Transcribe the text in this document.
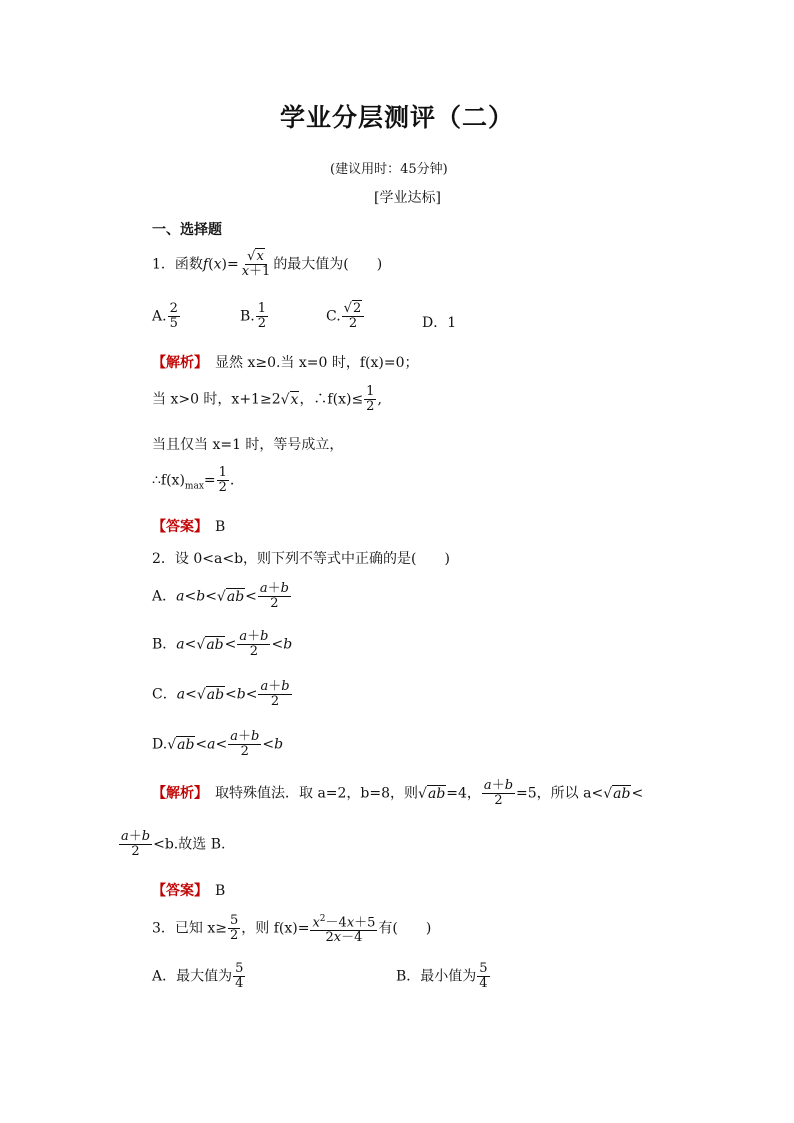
学业分层测评（二）
(建议用时：45分钟)
[学业达标]
一、选择题
1．函数$f(x)= \frac{√x}{x+1}$ 的最大值为(　　)
A. $\frac{2}{5}$	B. $\frac{1}{2}$	C. $\frac{√2}{2}$	D．1
【解析】　 显然 x≥0.当 x=0 时，f(x)=0；
当 x>0 时，x+1≥2√x，∴f(x)≤ $\frac{1}{2}$ ,
当且仅当 x=1 时，等号成立，
$\therefore f(x)_{max}= \frac{1}{2}$ .
【答案】　 B
2．设 0<a<b，则下列不等式中正确的是(　　)
A．$a<b<√ab< \frac{a+b}{2}$
B．$a<√ab< \frac{a+b}{2} <b$
C．$a<√ab<b< \frac{a+b}{2}$
$D.√ab<a< \frac{a+b}{2} <b$
【解析】　 取特殊值法．取 a=2，b=8，则√ab=4， $\frac{a+b}{2} =5$，所以 a<√ab<
$\frac{a+b}{2} <b$.故选 B.
【答案】　 B
3．已知 $x\ge \frac{5}{2}$ ，则 $f(x)= \frac{x^2-4x+5}{2x-4}$ 有(　　)
A．最大值为 $\frac{5}{4}$	B．最小值为 $\frac{5}{4}$
